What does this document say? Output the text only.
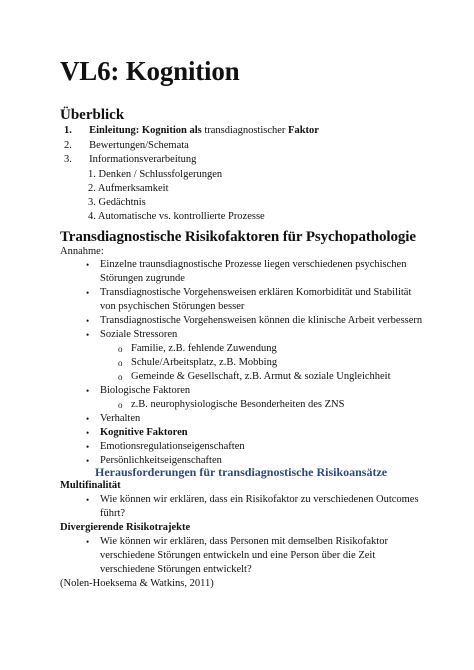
VL6: Kognition
Überblick
1. Einleitung: Kognition als transdiagnostischer Faktor
2. Bewertungen/Schemata
3. Informationsverarbeitung
1. Denken / Schlussfolgerungen
2. Aufmerksamkeit
3. Gedächtnis
4. Automatische vs. kontrollierte Prozesse
Transdiagnostische Risikofaktoren für Psychopathologie
Annahme:
• Einzelne traunsdiagnostische Prozesse liegen verschiedenen psychischen
Störungen zugrunde
• Transdiagnostische Vorgehensweisen erklären Komorbidität und Stabilität
von psychischen Störungen besser
• Transdiagnostische Vorgehensweisen können die klinische Arbeit verbessern
• Soziale Stressoren
o Familie, z.B. fehlende Zuwendung
o Schule/Arbeitsplatz, z.B. Mobbing
o Gemeinde & Gesellschaft, z.B. Armut & soziale Ungleichheit
• Biologische Faktoren
o z.B. neurophysiologische Besonderheiten des ZNS
• Verhalten
• Kognitive Faktoren
• Emotionsregulationseigenschaften
• Persönlichkeitseigenschaften
Herausforderungen für transdiagnostische Risikoansätze
Multifinalität
• Wie können wir erklären, dass ein Risikofaktor zu verschiedenen Outcomes
führt?
Divergierende Risikotrajekte
• Wie können wir erklären, dass Personen mit demselben Risikofaktor
verschiedene Störungen entwickeln und eine Person über die Zeit
verschiedene Störungen entwickelt?
(Nolen-Hoeksema & Watkins, 2011)
